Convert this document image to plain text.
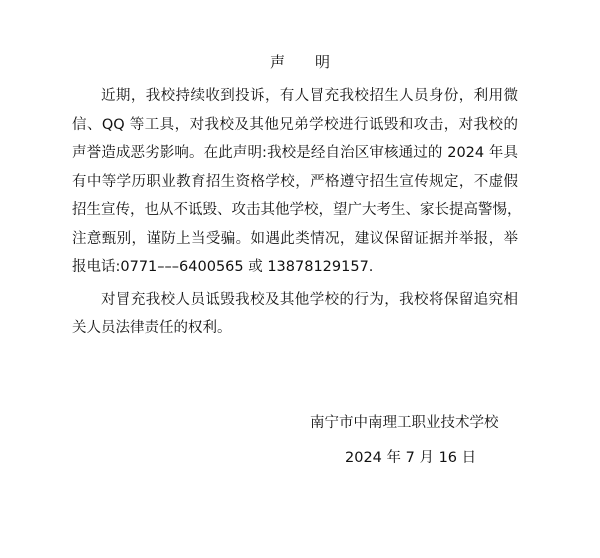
声 明
近期，我校持续收到投诉，有人冒充我校招生人员身份，利用微
信、QQ 等工具，对我校及其他兄弟学校进行诋毁和攻击，对我校的
声誉造成恶劣影响。在此声明:我校是经自治区审核通过的 2024 年具
有中等学历职业教育招生资格学校，严格遵守招生宣传规定，不虚假
招生宣传，也从不诋毁、攻击其他学校，望广大考生、家长提高警惕，
注意甄别，谨防上当受骗。如遇此类情况，建议保留证据并举报，举
报电话:0771–––6400565 或 13878129157.
对冒充我校人员诋毁我校及其他学校的行为，我校将保留追究相
关人员法律责任的权利。
南宁市中南理工职业技术学校
2024 年 7 月 16 日
